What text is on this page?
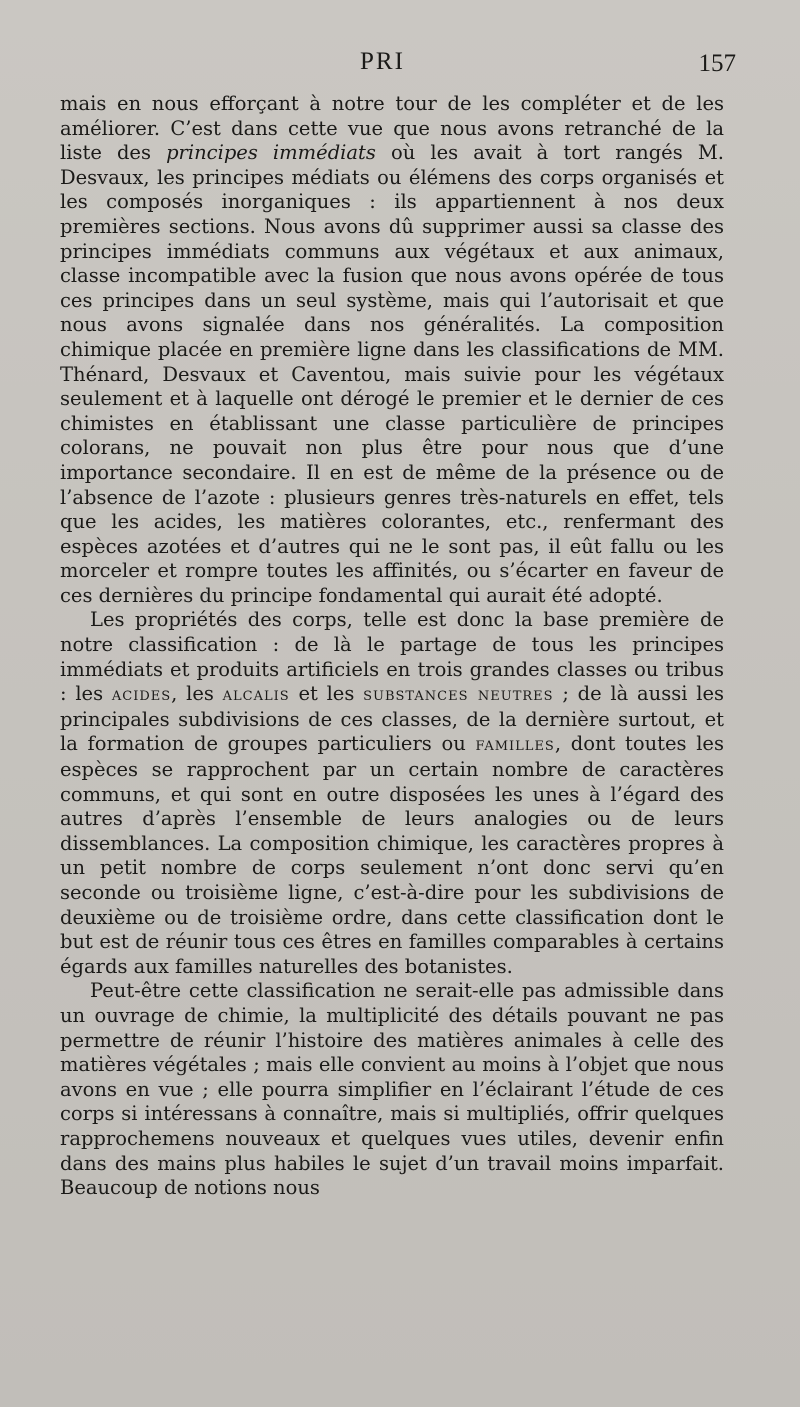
PRI	157

mais en nous efforçant à notre tour de les compléter et de les améliorer. C’est dans cette vue que nous avons retranché de la liste des principes immédiats où les avait à tort rangés M. Desvaux, les principes médiats ou élémens des corps organisés et les composés inorganiques : ils appartiennent à nos deux premières sections. Nous avons dû supprimer aussi sa classe des principes immédiats communs aux végétaux et aux animaux, classe incompatible avec la fusion que nous avons opérée de tous ces principes dans un seul système, mais qui l’autorisait et que nous avons signalée dans nos généralités. La composition chimique placée en première ligne dans les classifications de MM. Thénard, Desvaux et Caventou, mais suivie pour les végétaux seulement et à laquelle ont dérogé le premier et le dernier de ces chimistes en établissant une classe particulière de principes colorans, ne pouvait non plus être pour nous que d’une importance secondaire. Il en est de même de la présence ou de l’absence de l’azote : plusieurs genres très-naturels en effet, tels que les acides, les matières colorantes, etc., renfermant des espèces azotées et d’autres qui ne le sont pas, il eût fallu ou les morceler et rompre toutes les affinités, ou s’écarter en faveur de ces dernières du principe fondamental qui aurait été adopté.

Les propriétés des corps, telle est donc la base première de notre classification : de là le partage de tous les principes immédiats et produits artificiels en trois grandes classes ou tribus : les acides, les alcalis et les substances neutres ; de là aussi les principales subdivisions de ces classes, de la dernière surtout, et la formation de groupes particuliers ou familles, dont toutes les espèces se rapprochent par un certain nombre de caractères communs, et qui sont en outre disposées les unes à l’égard des autres d’après l’ensemble de leurs analogies ou de leurs dissemblances. La composition chimique, les caractères propres à un petit nombre de corps seulement n’ont donc servi qu’en seconde ou troisième ligne, c’est-à-dire pour les subdivisions de deuxième ou de troisième ordre, dans cette classification dont le but est de réunir tous ces êtres en familles comparables à certains égards aux familles naturelles des botanistes.

Peut-être cette classification ne serait-elle pas admissible dans un ouvrage de chimie, la multiplicité des détails pouvant ne pas permettre de réunir l’histoire des matières animales à celle des matières végétales ; mais elle convient au moins à l’objet que nous avons en vue ; elle pourra simplifier en l’éclairant l’étude de ces corps si intéressans à connaître, mais si multipliés, offrir quelques rapprochemens nouveaux et quelques vues utiles, devenir enfin dans des mains plus habiles le sujet d’un travail moins imparfait. Beaucoup de notions nous
